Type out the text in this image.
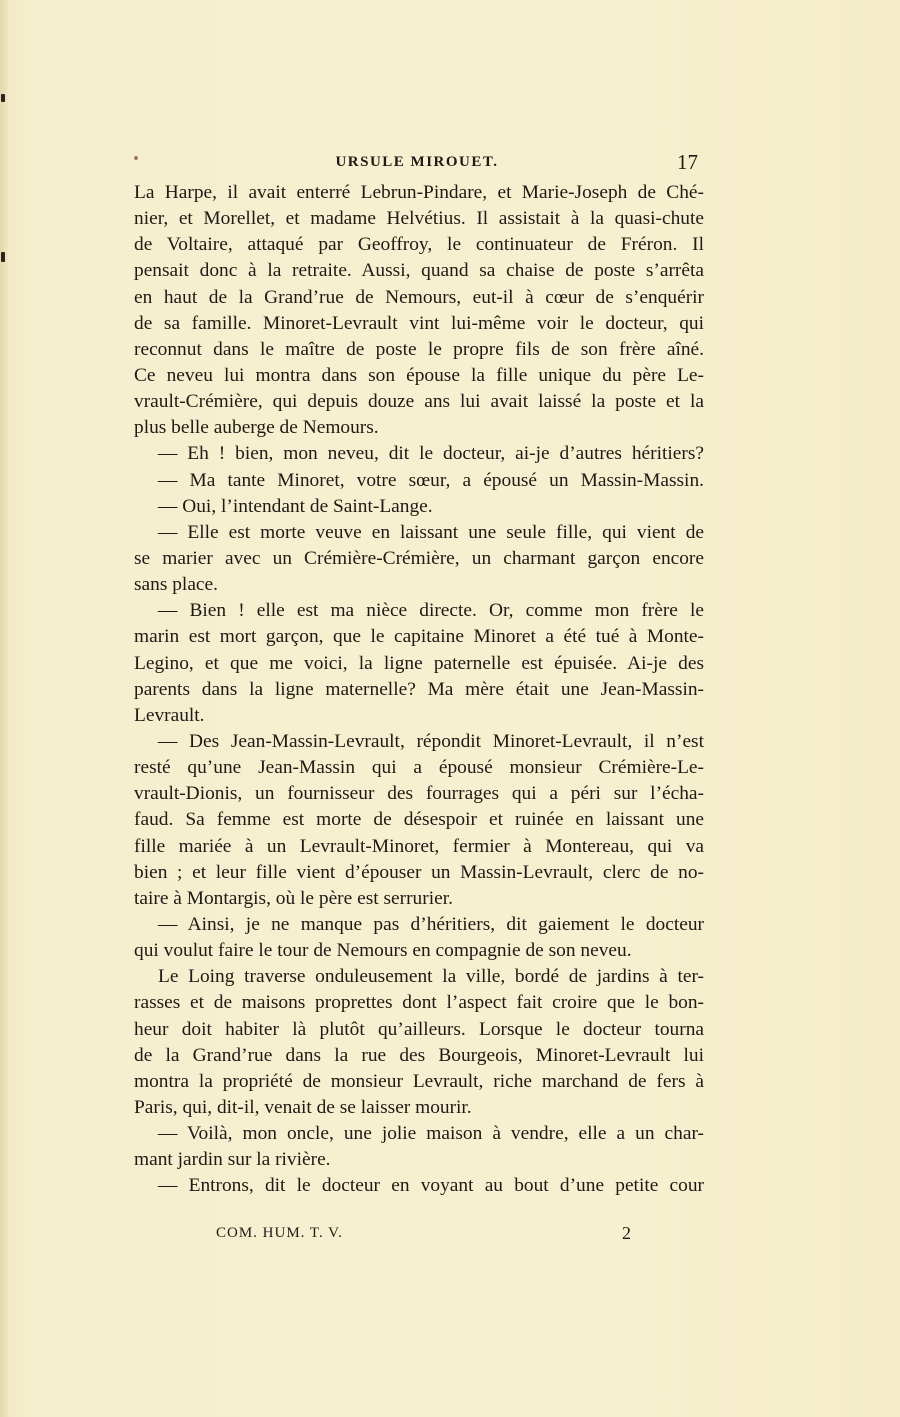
URSULE MIROUET.	17
La Harpe, il avait enterré Lebrun-Pindare, et Marie-Joseph de Ché-
nier, et Morellet, et madame Helvétius. Il assistait à la quasi-chute
de Voltaire, attaqué par Geoffroy, le continuateur de Fréron. Il
pensait donc à la retraite. Aussi, quand sa chaise de poste s’arrêta
en haut de la Grand’rue de Nemours, eut-il à cœur de s’enquérir
de sa famille. Minoret-Levrault vint lui-même voir le docteur, qui
reconnut dans le maître de poste le propre fils de son frère aîné.
Ce neveu lui montra dans son épouse la fille unique du père Le-
vrault-Crémière, qui depuis douze ans lui avait laissé la poste et la
plus belle auberge de Nemours.
— Eh ! bien, mon neveu, dit le docteur, ai-je d’autres héritiers?
— Ma tante Minoret, votre sœur, a épousé un Massin-Massin.
— Oui, l’intendant de Saint-Lange.
— Elle est morte veuve en laissant une seule fille, qui vient de
se marier avec un Crémière-Crémière, un charmant garçon encore
sans place.
— Bien ! elle est ma nièce directe. Or, comme mon frère le
marin est mort garçon, que le capitaine Minoret a été tué à Monte-
Legino, et que me voici, la ligne paternelle est épuisée. Ai-je des
parents dans la ligne maternelle? Ma mère était une Jean-Massin-
Levrault.
— Des Jean-Massin-Levrault, répondit Minoret-Levrault, il n’est
resté qu’une Jean-Massin qui a épousé monsieur Crémière-Le-
vrault-Dionis, un fournisseur des fourrages qui a péri sur l’écha-
faud. Sa femme est morte de désespoir et ruinée en laissant une
fille mariée à un Levrault-Minoret, fermier à Montereau, qui va
bien ; et leur fille vient d’épouser un Massin-Levrault, clerc de no-
taire à Montargis, où le père est serrurier.
— Ainsi, je ne manque pas d’héritiers, dit gaiement le docteur
qui voulut faire le tour de Nemours en compagnie de son neveu.
Le Loing traverse onduleusement la ville, bordé de jardins à ter-
rasses et de maisons proprettes dont l’aspect fait croire que le bon-
heur doit habiter là plutôt qu’ailleurs. Lorsque le docteur tourna
de la Grand’rue dans la rue des Bourgeois, Minoret-Levrault lui
montra la propriété de monsieur Levrault, riche marchand de fers à
Paris, qui, dit-il, venait de se laisser mourir.
— Voilà, mon oncle, une jolie maison à vendre, elle a un char-
mant jardin sur la rivière.
— Entrons, dit le docteur en voyant au bout d’une petite cour
COM. HUM. T. V.	2
